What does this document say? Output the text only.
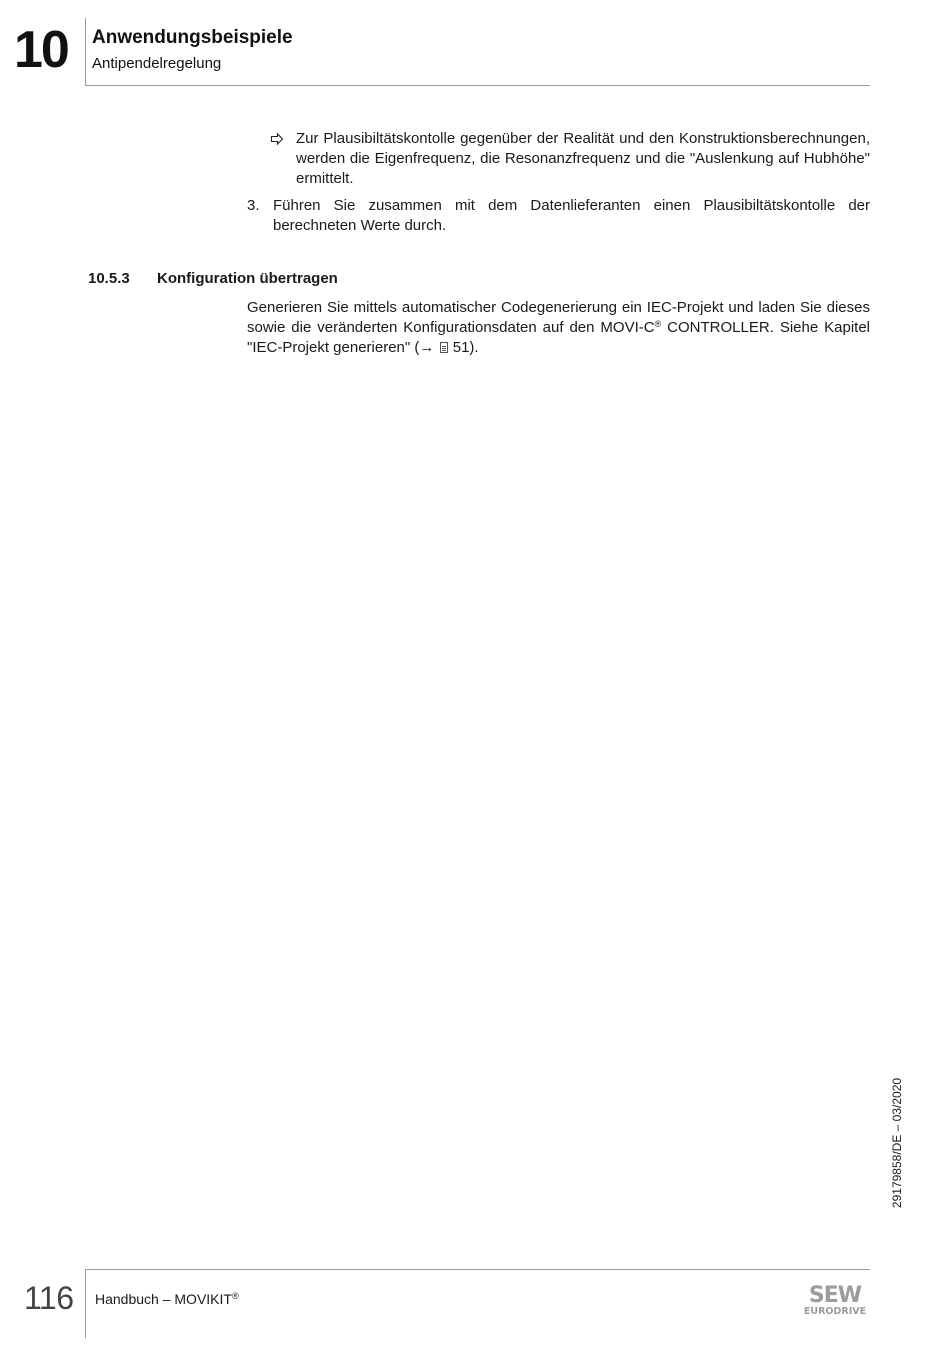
10 Anwendungsbeispiele
Antipendelregelung
Zur Plausibiltätskontolle gegenüber der Realität und den Konstruktionsberechnungen, werden die Eigenfrequenz, die Resonanzfrequenz und die "Auslenkung auf Hubhöhe" ermittelt.
3. Führen Sie zusammen mit dem Datenlieferanten einen Plausibiltätskontolle der berechneten Werte durch.
10.5.3 Konfiguration übertragen
Generieren Sie mittels automatischer Codegenerierung ein IEC-Projekt und laden Sie dieses sowie die veränderten Konfigurationsdaten auf den MOVI-C® CONTROLLER. Siehe Kapitel "IEC-Projekt generieren" (→  51).
29179858/DE – 03/2020
116 Handbuch – MOVIKIT®	SEW
EURODRIVE
